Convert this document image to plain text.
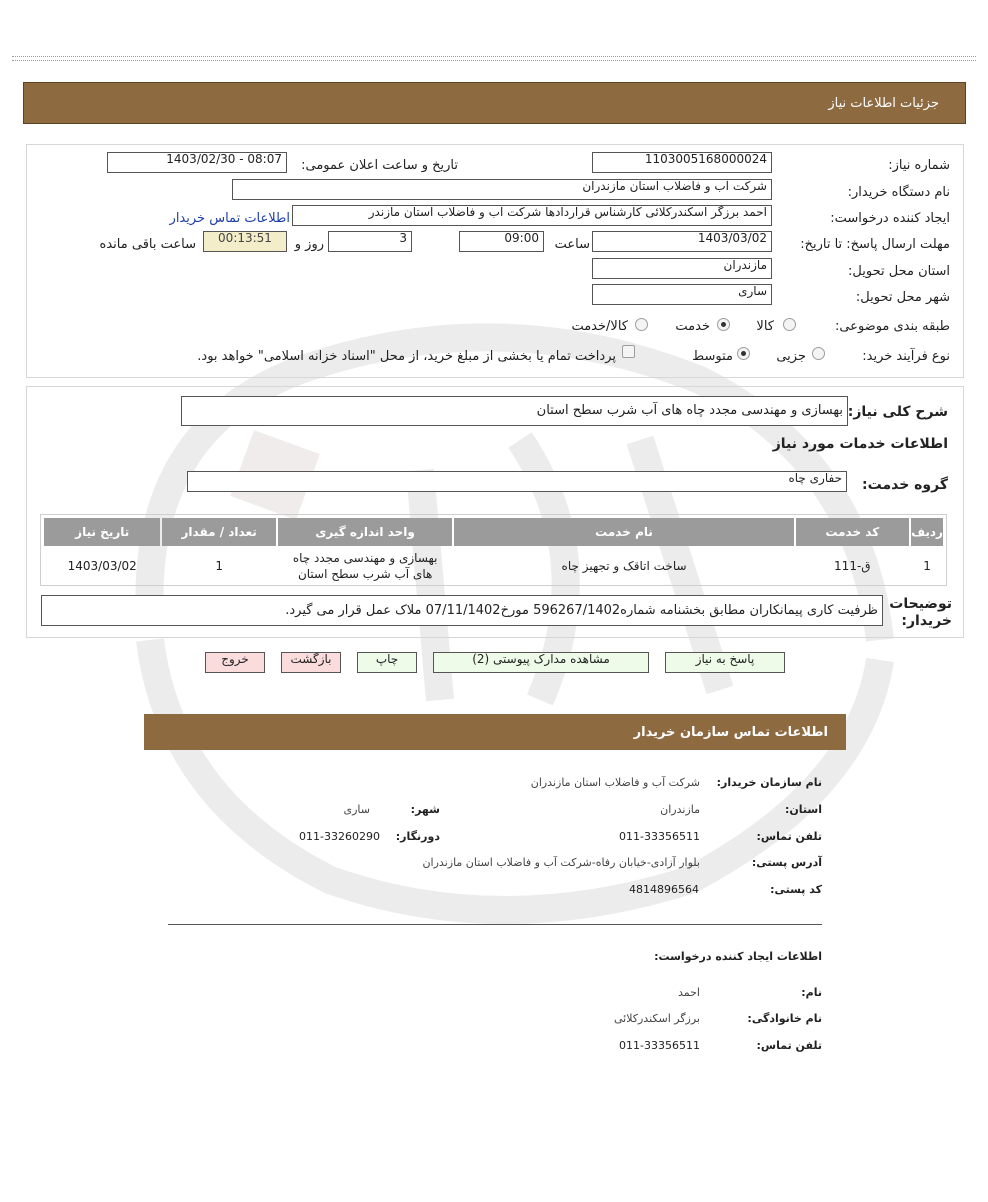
جزئیات اطلاعات نیاز
شماره نیاز:
1103005168000024
تاریخ و ساعت اعلان عمومی:
1403/02/30 - 08:07
نام دستگاه خریدار:
شرکت آب و فاضلاب استان مازندران
ایجاد کننده درخواست:
احمد برزگر اسکندرکلائی کارشناس قراردادها شرکت آب و فاضلاب استان مازندر
اطلاعات تماس خریدار
مهلت ارسال پاسخ: تا تاریخ:
1403/03/02
ساعت
09:00
3
روز و
00:13:51
ساعت باقی مانده
استان محل تحویل:
مازندران
شهر محل تحویل:
ساری
طبقه بندی موضوعی:
کالا
خدمت
کالا/خدمت
نوع فرآیند خرید:
جزیی
متوسط
پرداخت تمام یا بخشی از مبلغ خرید، از محل "اسناد خزانه اسلامی" خواهد بود.
شرح کلی نیاز:
بهسازی و مهندسی مجدد چاه های آب شرب سطح استان
اطلاعات خدمات مورد نیاز
گروه خدمت:
حفاری چاه
ردیف	کد خدمت	نام خدمت	واحد اندازه گیری	تعداد / مقدار	تاریخ نیاز
1	ق-111	ساخت اتاقک و تجهیز چاه	بهسازی و مهندسی مجدد چاه های آب شرب سطح استان	1	1403/03/02
توضیحات
خریدار:
ظرفیت کاری پیمانکاران مطابق بخشنامه شماره596267/1402 مورخ07/11/1402 ملاک عمل قرار می گیرد.
پاسخ به نیاز
مشاهده مدارک پیوستی (2)
چاپ
بازگشت
خروج
اطلاعات تماس سازمان خریدار
نام سازمان خریدار:
شرکت آب و فاضلاب استان مازندران
استان:
مازندران
شهر:
ساری
تلفن تماس:
011-33356511
دورنگار:
011-33260290
آدرس پستی:
بلوار آزادی-خیابان رفاه-شرکت آب و فاضلاب استان مازندران
کد پستی:
4814896564
اطلاعات ایجاد کننده درخواست:
نام:
احمد
نام خانوادگی:
برزگر اسکندرکلائی
تلفن تماس:
011-33356511
